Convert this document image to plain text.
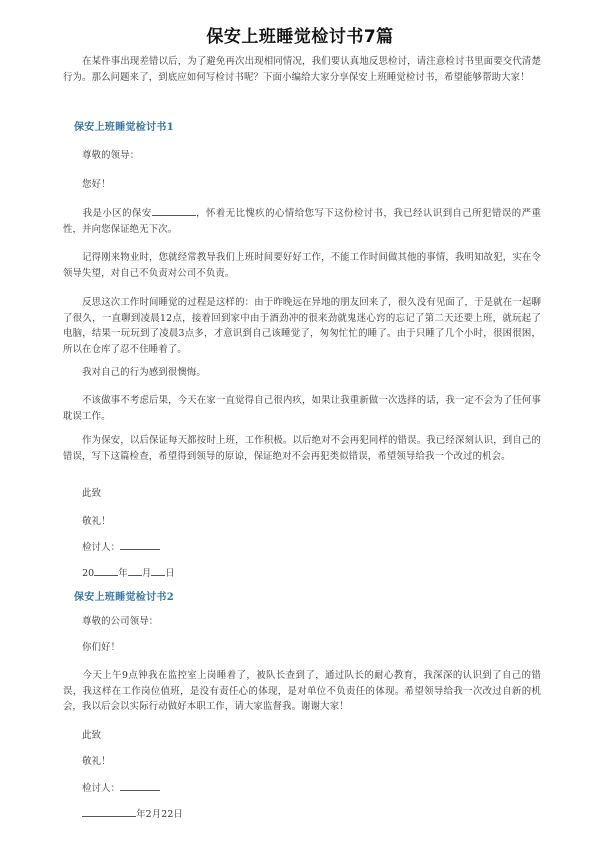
保安上班睡觉检讨书7篇

　　在某件事出现差错以后，为了避免再次出现相同情况，我们要认真地反思检讨，请注意检讨书里面要交代清楚行为。那么问题来了，到底应如何写检讨书呢？下面小编给大家分享保安上班睡觉检讨书，希望能够帮助大家！

保安上班睡觉检讨书1

　　尊敬的领导：

　　您好！

　　我是小区的保安	，怀着无比愧疚的心情给您写下这份检讨书，我已经认识到自己所犯错误的严重性，并向您保证绝无下次。

　　记得刚来物业时，您就经常教导我们上班时间要好好工作，不能工作时间做其他的事情，我明知故犯，实在令领导失望，对自己不负责对公司不负责。

　　反思这次工作时间睡觉的过程是这样的：由于昨晚远在异地的朋友回来了，很久没有见面了，于是就在一起聊了很久，一直聊到凌晨12点，接着回到家中由于酒劲冲的很来劲就鬼迷心窍的忘记了第二天还要上班，就玩起了电脑，结果一玩玩到了凌晨3点多，才意识到自己该睡觉了，匆匆忙忙的睡了。由于只睡了几个小时，很困很困，所以在仓库了忍不住睡着了。

　　我对自己的行为感到很懊悔。

　　不该做事不考虑后果，今天在家一直觉得自己很内疚，如果让我重新做一次选择的话，我一定不会为了任何事耽误工作。

　　作为保安，以后保证每天都按时上班，工作积极。以后绝对不会再犯同样的错误。我已经深刻认识，到自己的错误，写下这篇检查，希望得到领导的原谅，保证绝对不会再犯类似错误，希望领导给我一个改过的机会。

　　此致

　　敬礼！

　　检讨人：

　　20	年 月 日

保安上班睡觉检讨书2

　　尊敬的公司领导：

　　你们好！

　　今天上午9点钟我在监控室上岗睡着了，被队长查到了，通过队长的耐心教育，我深深的认识到了自己的错误，我这样在工作岗位值班，是没有责任心的体现，是对单位不负责任的体现。希望领导给我一次改过自新的机会，我以后会以实际行动做好本职工作，请大家监督我。谢谢大家！

　　此致

　　敬礼！

　　检讨人：

　　年2月22日
